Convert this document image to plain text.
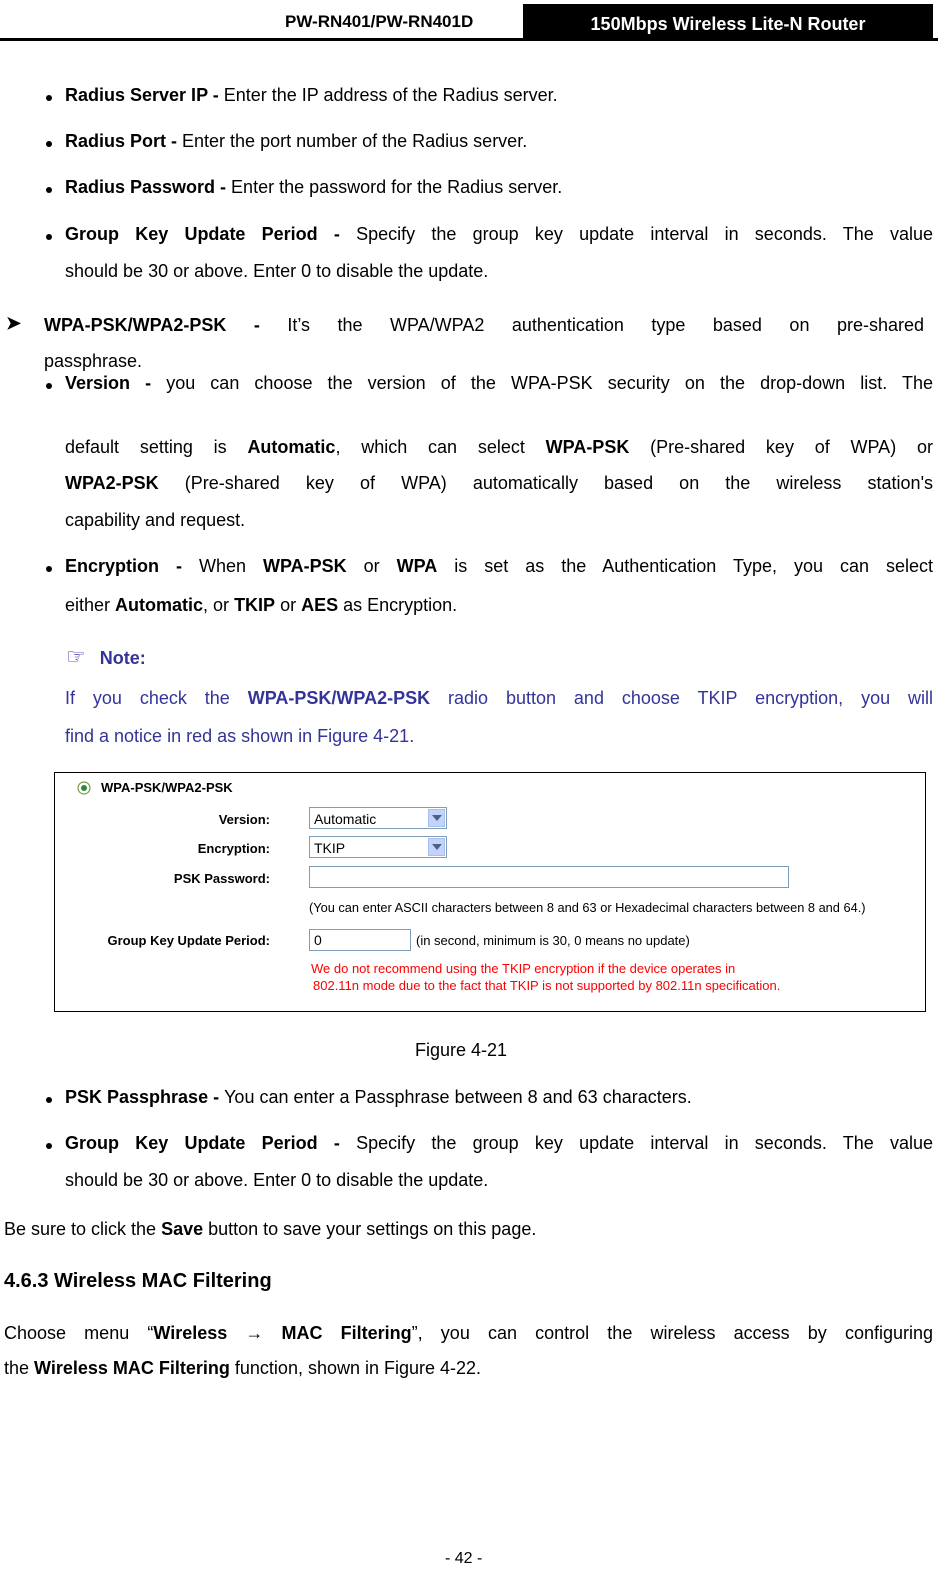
PW-RN401/PW-RN401D	150Mbps Wireless Lite-N Router
Radius Server IP - Enter the IP address of the Radius server.
Radius Port - Enter the port number of the Radius server.
Radius Password - Enter the password for the Radius server.
Group Key Update Period - Specify the group key update interval in seconds. The value
should be 30 or above. Enter 0 to disable the update.
➤ WPA-PSK/WPA2-PSK - It’s the WPA/WPA2 authentication type based on pre-shared
passphrase.
Version - you can choose the version of the WPA-PSK security on the drop-down list. The
default setting is Automatic, which can select WPA-PSK (Pre-shared key of WPA) or
WPA2-PSK (Pre-shared key of WPA) automatically based on the wireless station's
capability and request.
Encryption - When WPA-PSK or WPA is set as the Authentication Type, you can select
either Automatic, or TKIP or AES as Encryption.
☞ Note:
If you check the WPA-PSK/WPA2-PSK radio button and choose TKIP encryption, you will
find a notice in red as shown in Figure 4-21.
WPA-PSK/WPA2-PSK
Version:	Automatic
Encryption:	TKIP
PSK Password:
(You can enter ASCII characters between 8 and 63 or Hexadecimal characters between 8 and 64.)
Group Key Update Period:	0	(in second, minimum is 30, 0 means no update)
We do not recommend using the TKIP encryption if the device operates in
802.11n mode due to the fact that TKIP is not supported by 802.11n specification.
Figure 4-21
PSK Passphrase - You can enter a Passphrase between 8 and 63 characters.
Group Key Update Period - Specify the group key update interval in seconds. The value
should be 30 or above. Enter 0 to disable the update.
Be sure to click the Save button to save your settings on this page.
4.6.3 Wireless MAC Filtering
Choose menu “Wireless → MAC Filtering”, you can control the wireless access by configuring
the Wireless MAC Filtering function, shown in Figure 4-22.
- 42 -
